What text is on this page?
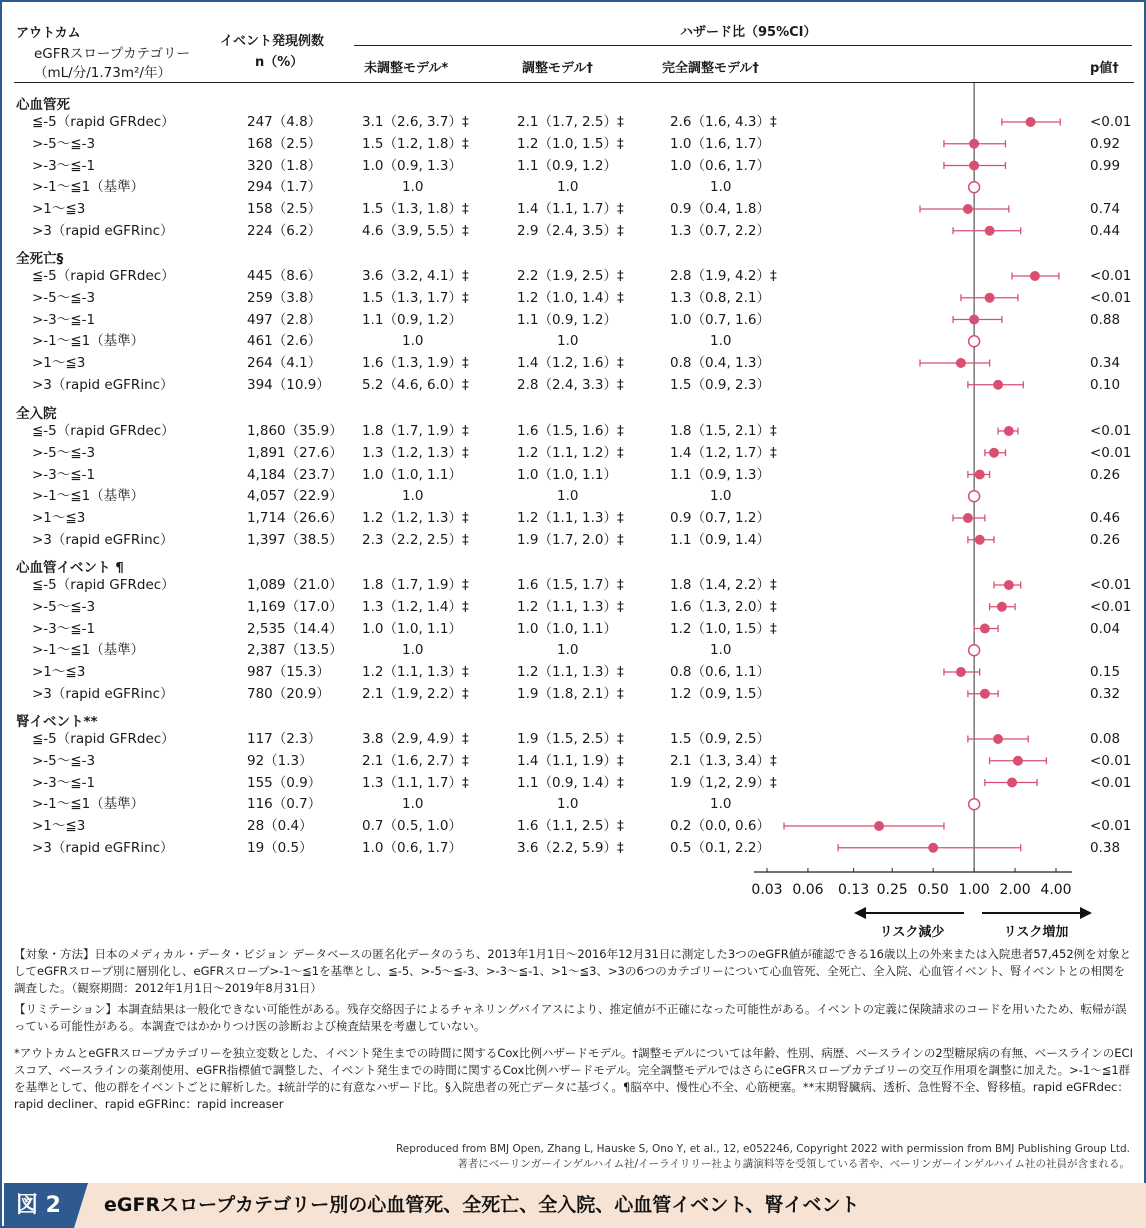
アウトカム
eGFRスロープカテゴリー
（mL/分/1.73m²/年）
イベント発現例数
n（%）
ハザード比（95%CI）
未調整モデル*	調整モデル†	完全調整モデル†	p値†
心血管死
≦-5（rapid GFRdec）	247（4.8）	3.1（2.6, 3.7）‡	2.1（1.7, 2.5）‡	2.6（1.6, 4.3）‡	<0.01
>-5〜≦-3	168（2.5）	1.5（1.2, 1.8）‡	1.2（1.0, 1.5）‡	1.0（1.6, 1.7）	0.92
>-3〜≦-1	320（1.8）	1.0（0.9, 1.3）	1.1（0.9, 1.2）	1.0（0.6, 1.7）	0.99
>-1〜≦1（基準）	294（1.7）	1.0	1.0	1.0
>1〜≦3	158（2.5）	1.5（1.3, 1.8）‡	1.4（1.1, 1.7）‡	0.9（0.4, 1.8）	0.74
>3（rapid eGFRinc）	224（6.2）	4.6（3.9, 5.5）‡	2.9（2.4, 3.5）‡	1.3（0.7, 2.2）	0.44
全死亡§
≦-5（rapid GFRdec）	445（8.6）	3.6（3.2, 4.1）‡	2.2（1.9, 2.5）‡	2.8（1.9, 4.2）‡	<0.01
>-5〜≦-3	259（3.8）	1.5（1.3, 1.7）‡	1.2（1.0, 1.4）‡	1.3（0.8, 2.1）	<0.01
>-3〜≦-1	497（2.8）	1.1（0.9, 1.2）	1.1（0.9, 1.2）	1.0（0.7, 1.6）	0.88
>-1〜≦1（基準）	461（2.6）	1.0	1.0	1.0
>1〜≦3	264（4.1）	1.6（1.3, 1.9）‡	1.4（1.2, 1.6）‡	0.8（0.4, 1.3）	0.34
>3（rapid eGFRinc）	394（10.9） 5.2（4.6, 6.0）‡	2.8（2.4, 3.3）‡	1.5（0.9, 2.3）	0.10
全入院
≦-5（rapid GFRdec）	1,860（35.9） 1.8（1.7, 1.9）‡	1.6（1.5, 1.6）‡	1.8（1.5, 2.1）‡	<0.01
>-5〜≦-3	1,891（27.6） 1.3（1.2, 1.3）‡	1.2（1.1, 1.2）‡	1.4（1.2, 1.7）‡	<0.01
>-3〜≦-1	4,184（23.7） 1.0（1.0, 1.1）	1.0（1.0, 1.1）	1.1（0.9, 1.3）	0.26
>-1〜≦1（基準）	4,057（22.9）	1.0	1.0	1.0
>1〜≦3	1,714（26.6） 1.2（1.2, 1.3）‡	1.2（1.1, 1.3）‡	0.9（0.7, 1.2）	0.46
>3（rapid eGFRinc）	1,397（38.5） 2.3（2.2, 2.5）‡	1.9（1.7, 2.0）‡	1.1（0.9, 1.4）	0.26
心血管イベント ¶
≦-5（rapid GFRdec）	1,089（21.0） 1.8（1.7, 1.9）‡	1.6（1.5, 1.7）‡	1.8（1.4, 2.2）‡	<0.01
>-5〜≦-3	1,169（17.0） 1.3（1.2, 1.4）‡	1.2（1.1, 1.3）‡	1.6（1.3, 2.0）‡	<0.01
>-3〜≦-1	2,535（14.4） 1.0（1.0, 1.1）	1.0（1.0, 1.1）	1.2（1.0, 1.5）‡	0.04
>-1〜≦1（基準）	2,387（13.5）	1.0	1.0	1.0
>1〜≦3	987（15.3） 1.2（1.1, 1.3）‡	1.2（1.1, 1.3）‡	0.8（0.6, 1.1）	0.15
>3（rapid eGFRinc）	780（20.9） 2.1（1.9, 2.2）‡	1.9（1.8, 2.1）‡	1.2（0.9, 1.5）	0.32
腎イベント**
≦-5（rapid GFRdec）	117（2.3）	3.8（2.9, 4.9）‡	1.9（1.5, 2.5）‡	1.5（0.9, 2.5）	0.08
>-5〜≦-3	92（1.3）	2.1（1.6, 2.7）‡	1.4（1.1, 1.9）‡	2.1（1.3, 3.4）‡	<0.01
>-3〜≦-1	155（0.9）	1.3（1.1, 1.7）‡	1.1（0.9, 1.4）‡	1.9（1,2, 2.9）‡	<0.01
>-1〜≦1（基準）	116（0.7）	1.0	1.0	1.0
>1〜≦3	28（0.4）	0.7（0.5, 1.0）	1.6（1.1, 2.5）‡	0.2（0.0, 0.6）	<0.01
>3（rapid eGFRinc）	19（0.5）	1.0（0.6, 1.7）	3.6（2.2, 5.9）‡	0.5（0.1, 2.2）	0.38
0.03 0.06 0.13 0.25 0.50 1.00 2.00 4.00
リスク減少	リスク増加

【対象・方法】日本のメディカル・データ・ビジョン データベースの匿名化データのうち、2013年1月1日〜2016年12月31日に測定した3つのeGFR値が確認できる16歳以上の外来または入院患者57,452例を対象としてeGFRスロープ別に層別化し、eGFRスロープ>-1〜≦1を基準とし、≦-5、>-5〜≦-3、>-3〜≦-1、>1〜≦3、>3の6つのカテゴリーについて心血管死、全死亡、全入院、心血管イベント、腎イベントとの相関を調査した。（観察期間：2012年1月1日〜2019年8月31日）

【リミテーション】本調査結果は一般化できない可能性がある。残存交絡因子によるチャネリングバイアスにより、推定値が不正確になった可能性がある。イベントの定義に保険請求のコードを用いたため、転帰が誤っている可能性がある。本調査ではかかりつけ医の診断および検査結果を考慮していない。

*アウトカムとeGFRスロープカテゴリーを独立変数とした、イベント発生までの時間に関するCox比例ハザードモデル。†調整モデルについては年齢、性別、病歴、ベースラインの2型糖尿病の有無、ベースラインのECIスコア、ベースラインの薬剤使用、eGFR指標値で調整した、イベント発生までの時間に関するCox比例ハザードモデル。完全調整モデルではさらにeGFRスロープカテゴリーの交互作用項を調整に加えた。>-1〜≦1群を基準として、他の群をイベントごとに解析した。‡統計学的に有意なハザード比。§入院患者の死亡データに基づく。¶脳卒中、慢性心不全、心筋梗塞。**末期腎臓病、透析、急性腎不全、腎移植。rapid eGFRdec：rapid decliner、rapid eGFRinc：rapid increaser

Reproduced from BMJ Open, Zhang L, Hauske S, Ono Y, et al., 12, e052246, Copyright 2022 with permission from BMJ Publishing Group Ltd.
著者にベーリンガーインゲルハイム社/イーライリリー社より講演料等を受領している者や、ベーリンガーインゲルハイム社の社員が含まれる。
図 2	eGFRスロープカテゴリー別の心血管死、全死亡、全入院、心血管イベント、腎イベント
